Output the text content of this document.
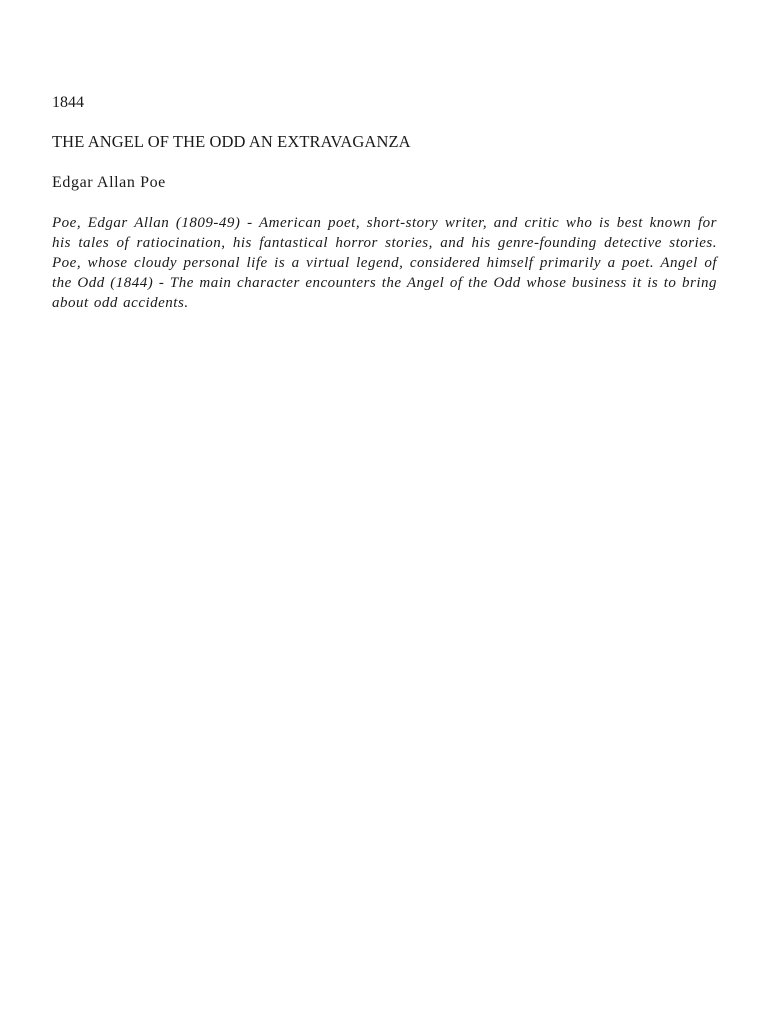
1844

THE ANGEL OF THE ODD AN EXTRAVAGANZA

Edgar Allan Poe

Poe, Edgar Allan (1809-49) - American poet, short-story writer, and critic who is best known for his tales of ratiocination, his fantastical horror stories, and his genre-founding detective stories. Poe, whose cloudy personal life is a virtual legend, considered himself primarily a poet. Angel of the Odd (1844) - The main character encounters the Angel of the Odd whose business it is to bring about odd accidents.
